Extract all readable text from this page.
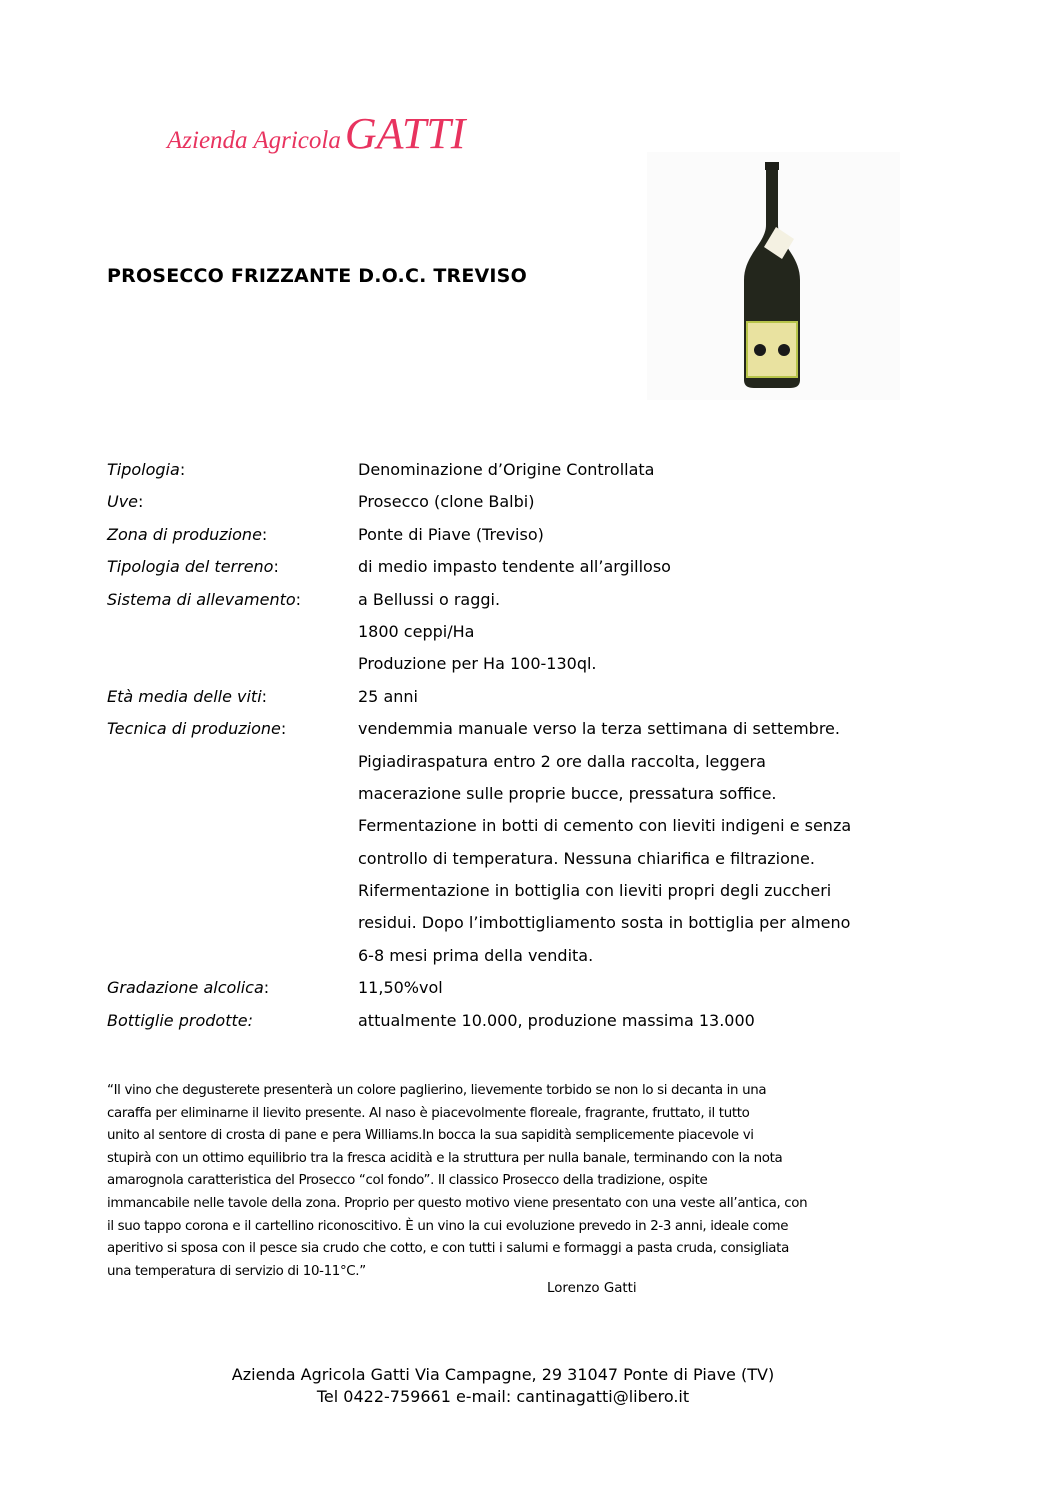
Azienda Agricola GATTI
PROSECCO FRIZZANTE D.O.C. TREVISO
Tipologia:	Denominazione d’Origine Controllata
Uve:	Prosecco (clone Balbi)
Zona di produzione:	Ponte di Piave (Treviso)
Tipologia del terreno:	di medio impasto tendente all’argilloso
Sistema di allevamento:	a Bellussi o raggi.
1800 ceppi/Ha
Produzione per Ha 100-130ql.
Età media delle viti:	25 anni
Tecnica di produzione:	vendemmia manuale verso la terza settimana di settembre.
Pigiadiraspatura entro 2 ore dalla raccolta, leggera
macerazione sulle proprie bucce, pressatura soffice.
Fermentazione in botti di cemento con lieviti indigeni e senza
controllo di temperatura. Nessuna chiarifica e filtrazione.
Rifermentazione in bottiglia con lieviti propri degli zuccheri
residui. Dopo l’imbottigliamento sosta in bottiglia per almeno
6-8 mesi prima della vendita.
Gradazione alcolica:	11,50%vol
Bottiglie prodotte:	attualmente 10.000, produzione massima 13.000
“Il vino che degusterete presenterà un colore paglierino, lievemente torbido se non lo si decanta in una
caraffa per eliminarne il lievito presente. Al naso è piacevolmente floreale, fragrante, fruttato, il tutto
unito al sentore di crosta di pane e pera Williams.In bocca la sua sapidità semplicemente piacevole vi
stupirà con un ottimo equilibrio tra la fresca acidità e la struttura per nulla banale, terminando con la nota
amarognola caratteristica del Prosecco “col fondo”. Il classico Prosecco della tradizione, ospite
immancabile nelle tavole della zona. Proprio per questo motivo viene presentato con una veste all’antica, con
il suo tappo corona e il cartellino riconoscitivo. È un vino la cui evoluzione prevedo in 2-3 anni, ideale come
aperitivo si sposa con il pesce sia crudo che cotto, e con tutti i salumi e formaggi a pasta cruda, consigliata
una temperatura di servizio di 10-11°C.”
Lorenzo Gatti
Azienda Agricola Gatti Via Campagne, 29 31047 Ponte di Piave (TV)
Tel 0422-759661 e-mail: cantinagatti@libero.it
